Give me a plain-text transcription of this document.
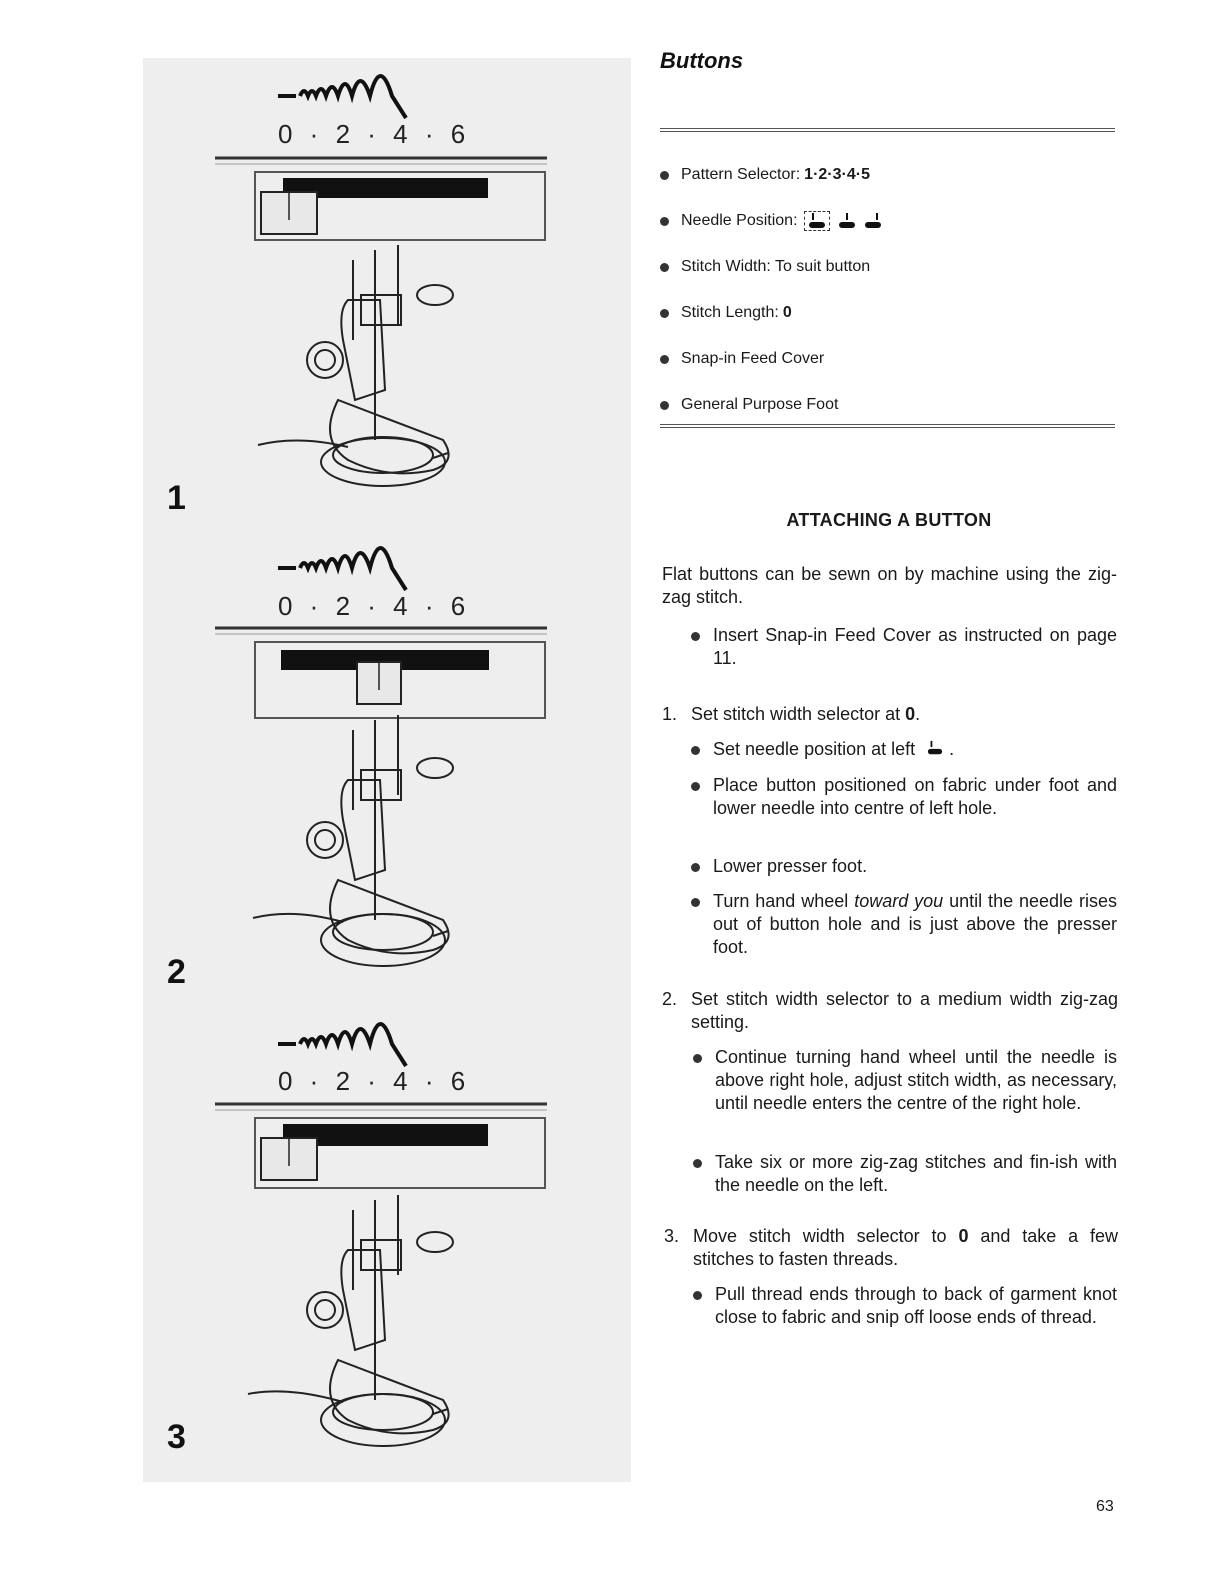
0 · 2 · 4 · 6
1
0 · 2 · 4 · 6
2
0 · 2 · 4 · 6
3
Buttons
Pattern Selector: 1·2·3·4·5
Needle Position:
Stitch Width: To suit button
Stitch Length: 0
Snap-in Feed Cover
General Purpose Foot
ATTACHING A BUTTON

Flat buttons can be sewn on by machine using the zig-zag stitch.

Insert Snap-in Feed Cover as instructed on page 11.
1. Set stitch width selector at 0.
Set needle position at left  .
Place button positioned on fabric under foot and lower needle into centre of left hole.
Lower presser foot.
Turn hand wheel toward you until the needle rises out of button hole and is just above the presser foot.
2. Set stitch width selector to a medium width zig-zag setting.
Continue turning hand wheel until the needle is above right hole, adjust stitch width, as necessary, until needle enters the centre of the right hole.
Take six or more zig-zag stitches and fin-ish with the needle on the left.
3. Move stitch width selector to 0 and take a few stitches to fasten threads.
Pull thread ends through to back of garment knot close to fabric and snip off loose ends of thread.
63
